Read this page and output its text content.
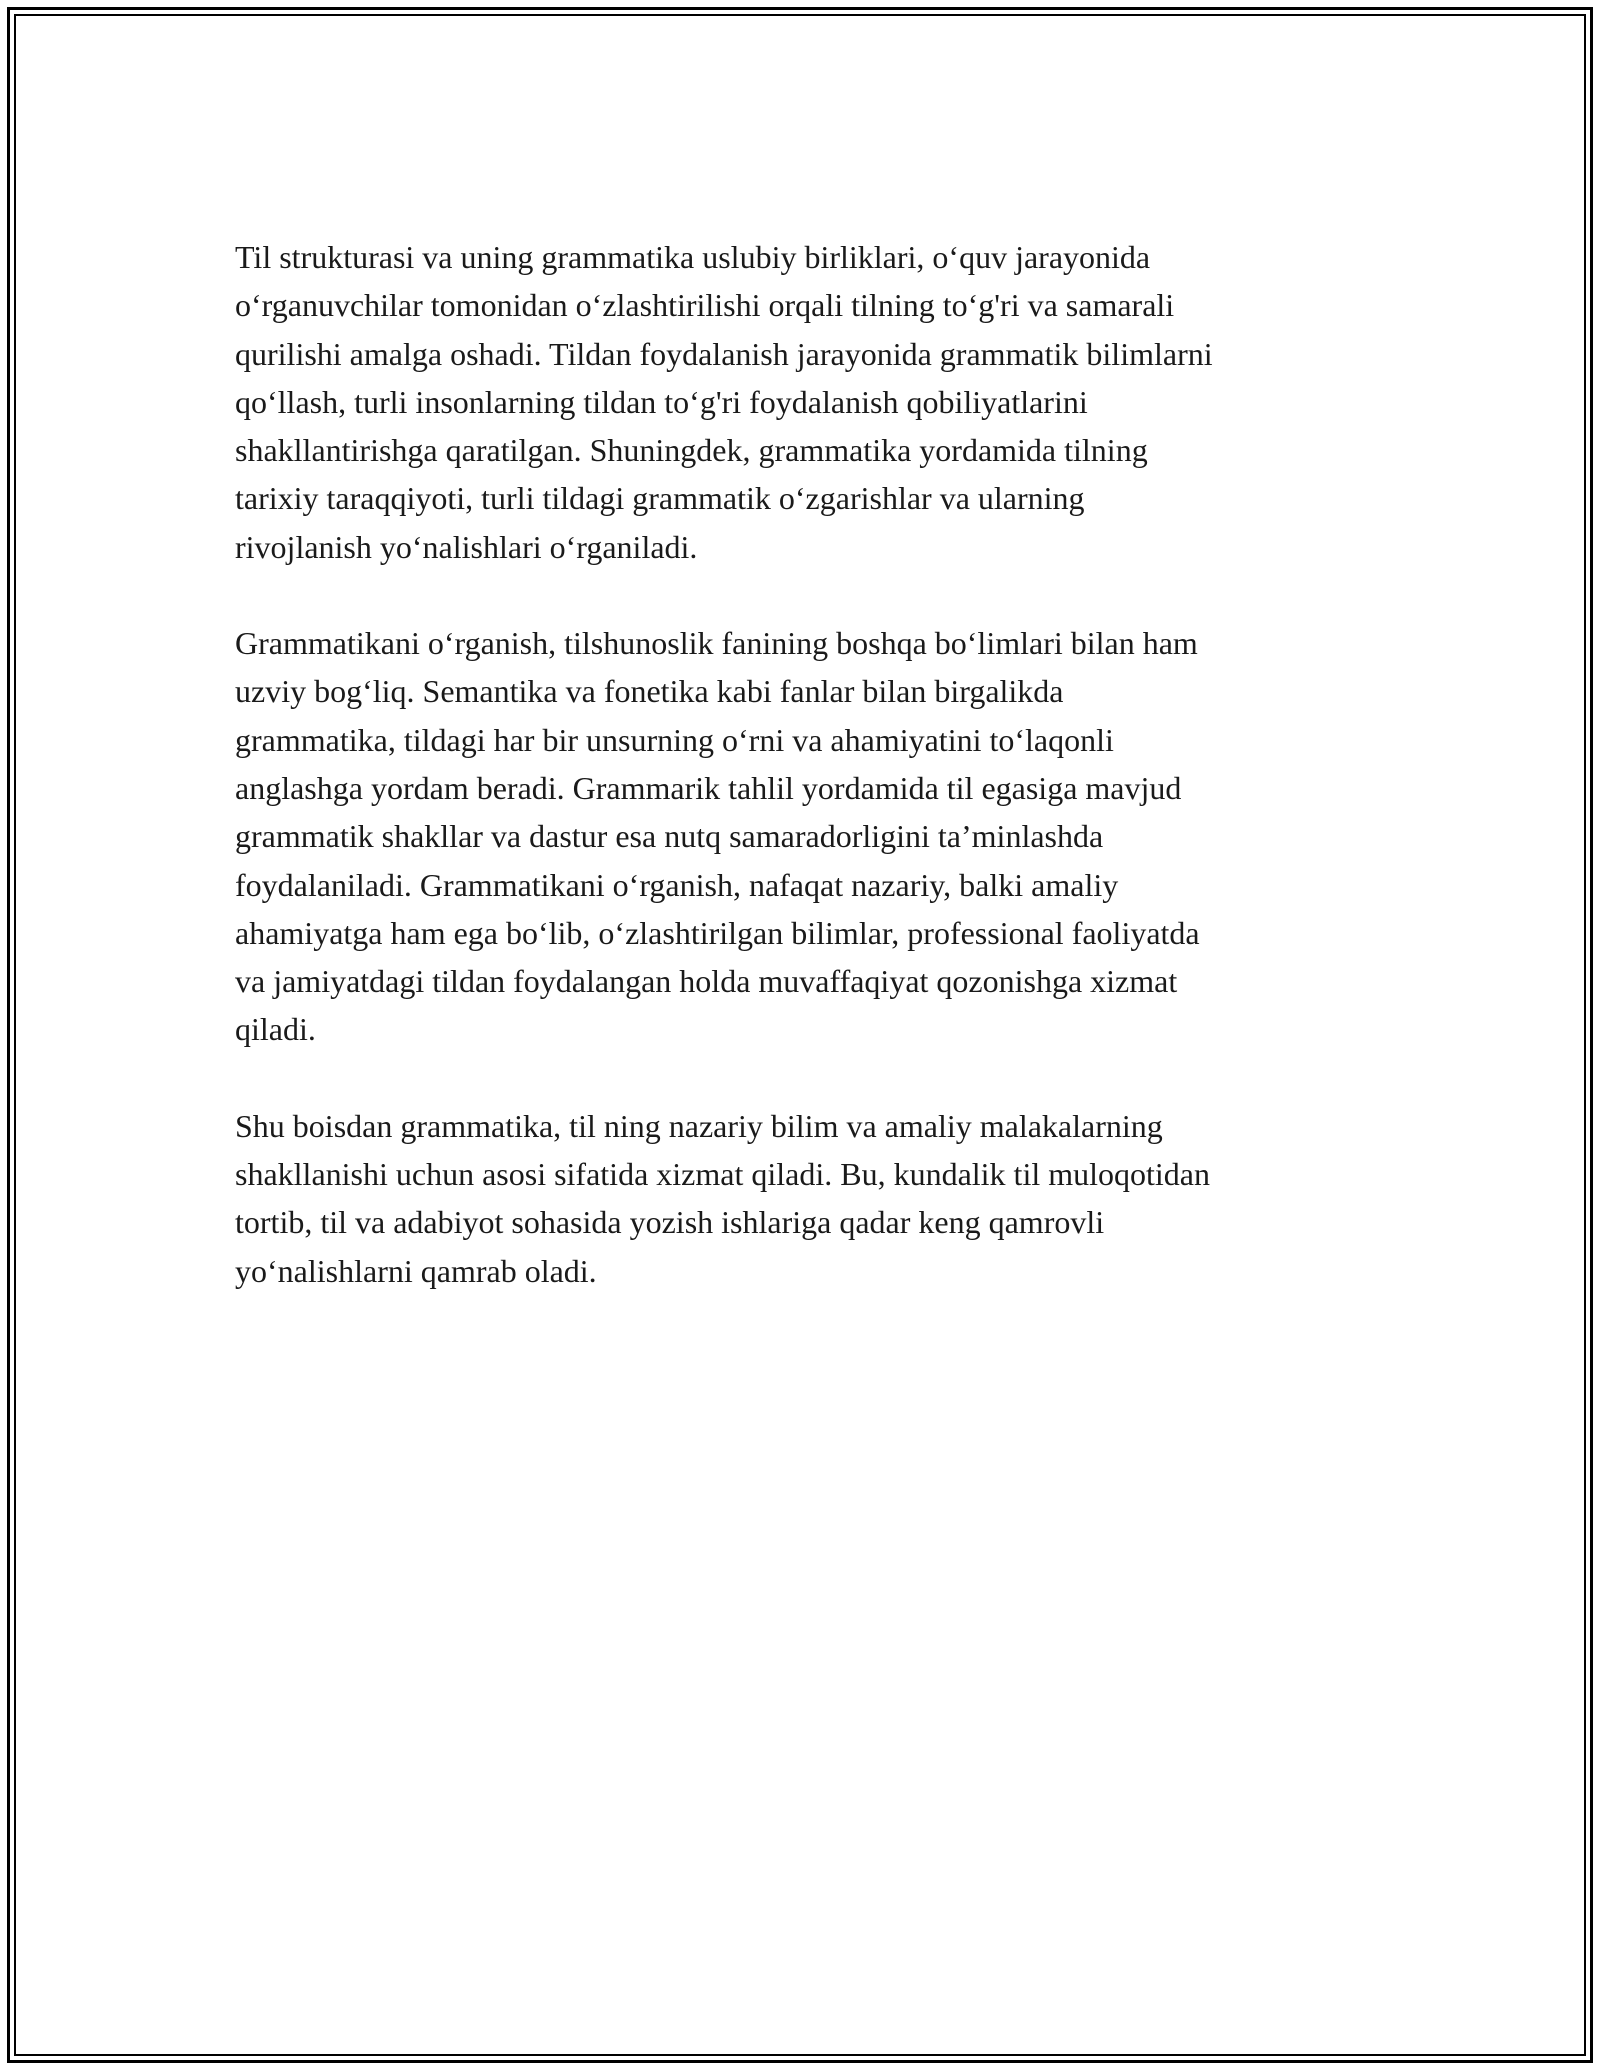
Til strukturasi va uning grammatika uslubiy birliklari, o‘quv jarayonida
o‘rganuvchilar tomonidan o‘zlashtirilishi orqali tilning to‘g'ri va samarali
qurilishi amalga oshadi. Tildan foydalanish jarayonida grammatik bilimlarni
qo‘llash, turli insonlarning tildan to‘g'ri foydalanish qobiliyatlarini
shakllantirishga qaratilgan. Shuningdek, grammatika yordamida tilning
tarixiy taraqqiyoti, turli tildagi grammatik o‘zgarishlar va ularning
rivojlanish yo‘nalishlari o‘rganiladi.

Grammatikani o‘rganish, tilshunoslik fanining boshqa bo‘limlari bilan ham
uzviy bog‘liq. Semantika va fonetika kabi fanlar bilan birgalikda
grammatika, tildagi har bir unsurning o‘rni va ahamiyatini to‘laqonli
anglashga yordam beradi. Grammarik tahlil yordamida til egasiga mavjud
grammatik shakllar va dastur esa nutq samaradorligini ta’minlashda
foydalaniladi. Grammatikani o‘rganish, nafaqat nazariy, balki amaliy
ahamiyatga ham ega bo‘lib, o‘zlashtirilgan bilimlar, professional faoliyatda
va jamiyatdagi tildan foydalangan holda muvaffaqiyat qozonishga xizmat
qiladi.

Shu boisdan grammatika, til ning nazariy bilim va amaliy malakalarning
shakllanishi uchun asosi sifatida xizmat qiladi. Bu, kundalik til muloqotidan
tortib, til va adabiyot sohasida yozish ishlariga qadar keng qamrovli
yo‘nalishlarni qamrab oladi.
